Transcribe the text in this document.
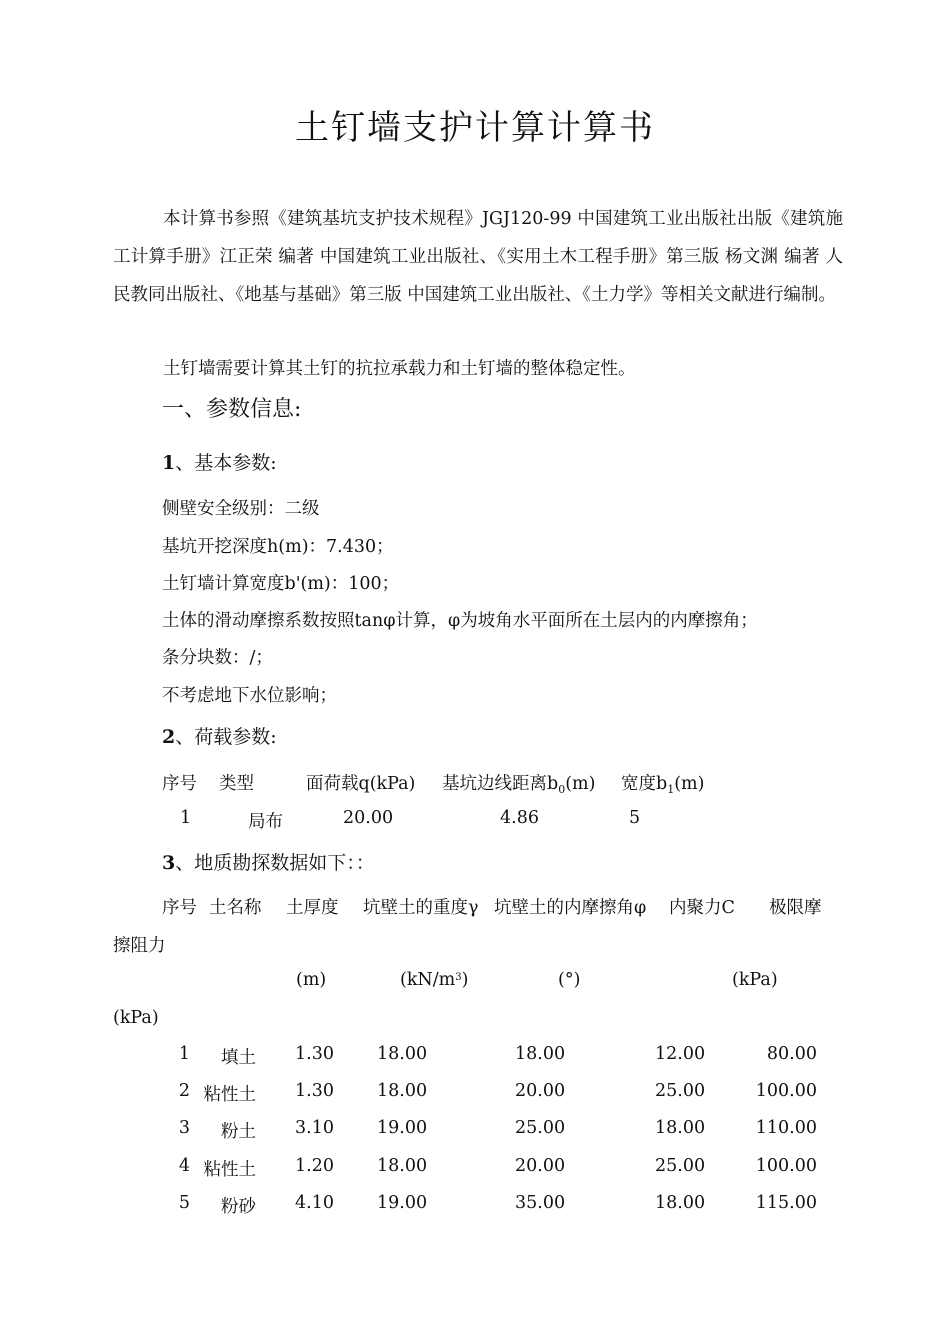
土钉墙支护计算计算书
本计算书参照《建筑基坑支护技术规程》JGJ120-99 中国建筑工业出版社出版《建筑施工计算手册》江正荣 编著 中国建筑工业出版社、《实用土木工程手册》第三版 杨文渊 编著 人民教同出版社、《地基与基础》第三版 中国建筑工业出版社、《土力学》等相关文献进行编制。
土钉墙需要计算其土钉的抗拉承载力和土钉墙的整体稳定性。
一、参数信息:
1、基本参数:
侧壁安全级别：二级
基坑开挖深度h(m)：7.430；
土钉墙计算宽度b'(m)：100；
土体的滑动摩擦系数按照tanφ计算，φ为坡角水平面所在土层内的内摩擦角；
条分块数：/；
不考虑地下水位影响；
2、荷载参数:
序号 类型	面荷载q(kPa) 基坑边线距离$b_0(m)$ 宽度$b_1(m)$
1	局布	20.00	4.86	5
3、地质勘探数据如下：：
序号 土名称 土厚度 坑壁土的重度γ 坑壁土的内摩擦角φ 内聚力C 极限摩
擦阻力
(m)	$(kN/m^3)$	(°)	(kPa)
(kPa)
1 填土 1.30 18.00	18.00	12.00	80.00
2 粘性土 1.30 18.00	20.00	25.00	100.00
3 粉土 3.10 19.00	25.00	18.00	110.00
4 粘性土 1.20 18.00	20.00	25.00	100.00
5 粉砂 4.10 19.00	35.00	18.00	115.00
